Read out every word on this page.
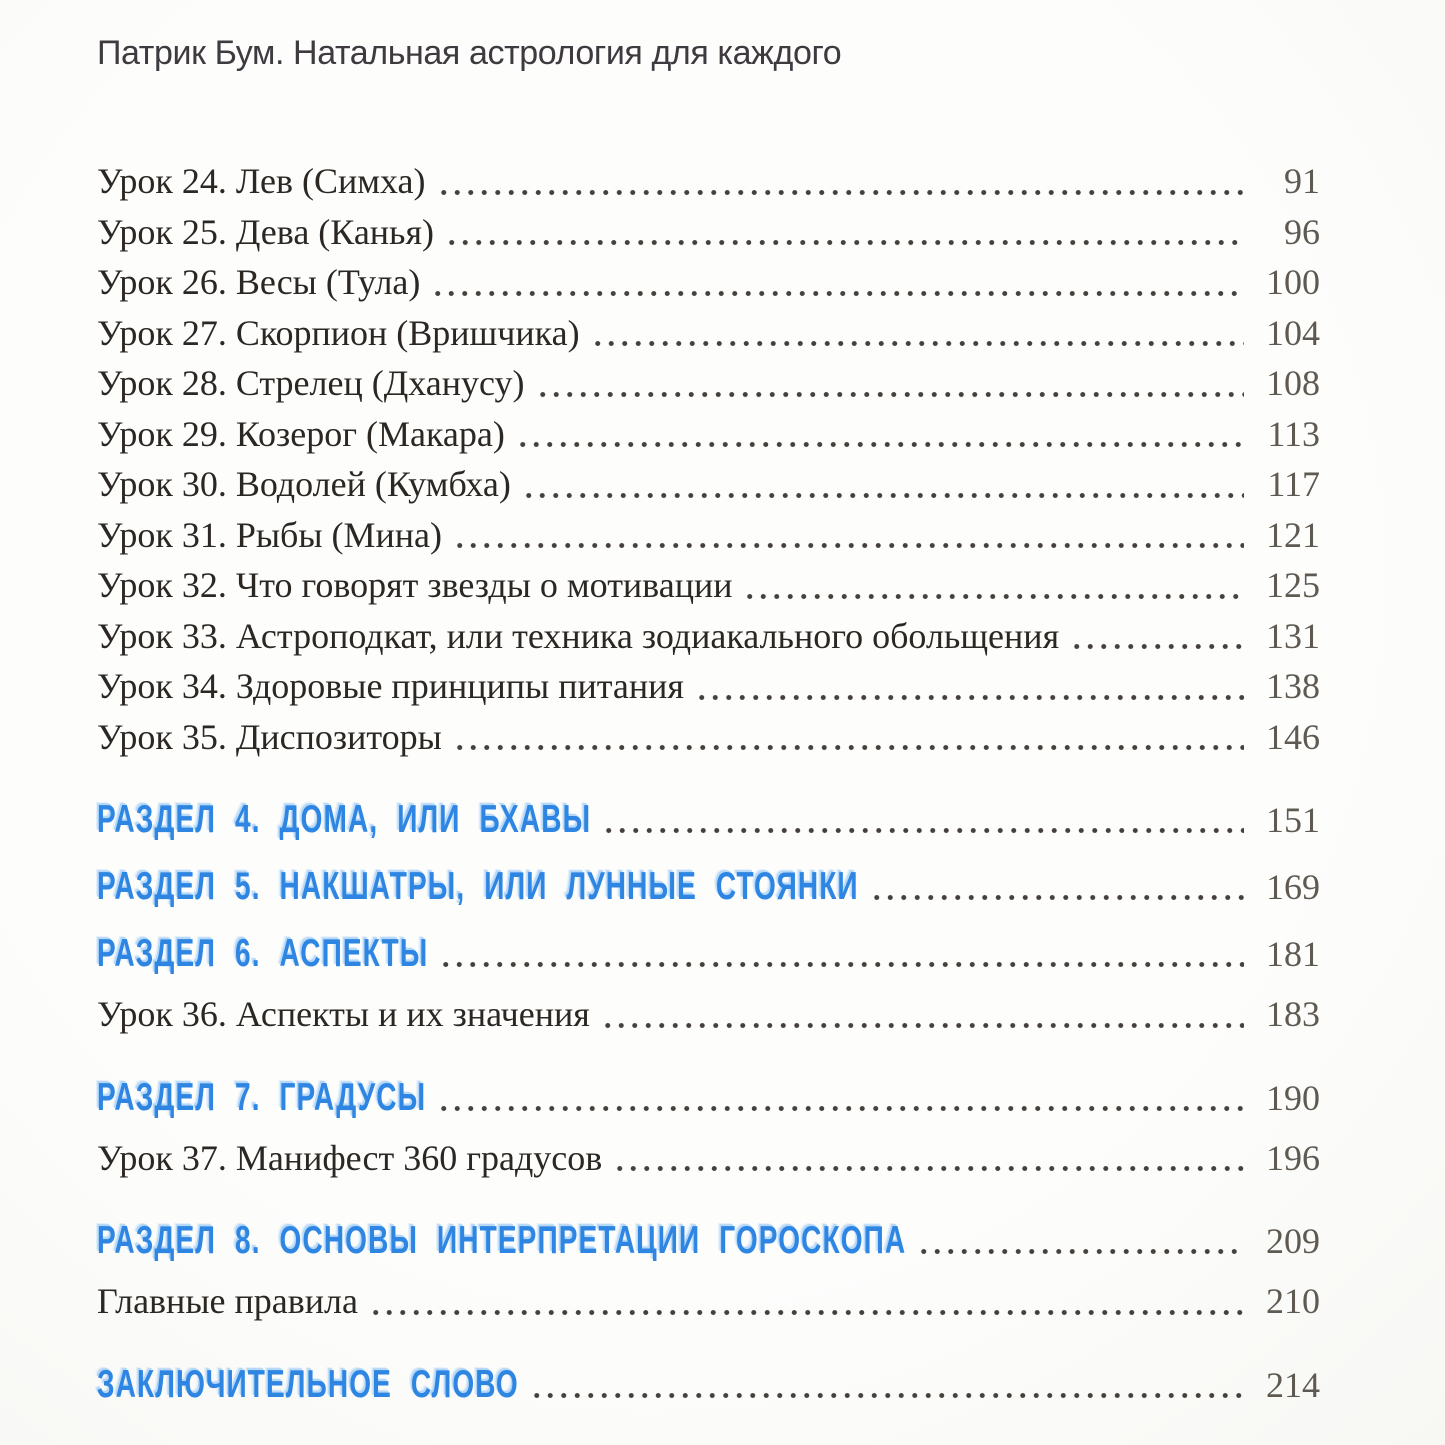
Патрик Бум. Натальная астрология для каждого
Урок 24. Лев (Симха)	91
Урок 25. Дева (Канья)	96
Урок 26. Весы (Тула)	100
Урок 27. Скорпион (Вришчика)	104
Урок 28. Стрелец (Дханусу)	108
Урок 29. Козерог (Макара)	113
Урок 30. Водолей (Кумбха)	117
Урок 31. Рыбы (Мина)	121
Урок 32. Что говорят звезды о мотивации	125
Урок 33. Астроподкат, или техника зодиакального обольщения	131
Урок 34. Здоровые принципы питания	138
Урок 35. Диспозиторы	146
РАЗДЕЛ 4. ДОМА, ИЛИ БХАВЫ	151
РАЗДЕЛ 5. НАКШАТРЫ, ИЛИ ЛУННЫЕ СТОЯНКИ	169
РАЗДЕЛ 6. АСПЕКТЫ	181
Урок 36. Аспекты и их значения	183
РАЗДЕЛ 7. ГРАДУСЫ	190
Урок 37. Манифест 360 градусов	196
РАЗДЕЛ 8. ОСНОВЫ ИНТЕРПРЕТАЦИИ ГОРОСКОПА	209
Главные правила	210
ЗАКЛЮЧИТЕЛЬНОЕ СЛОВО	214
